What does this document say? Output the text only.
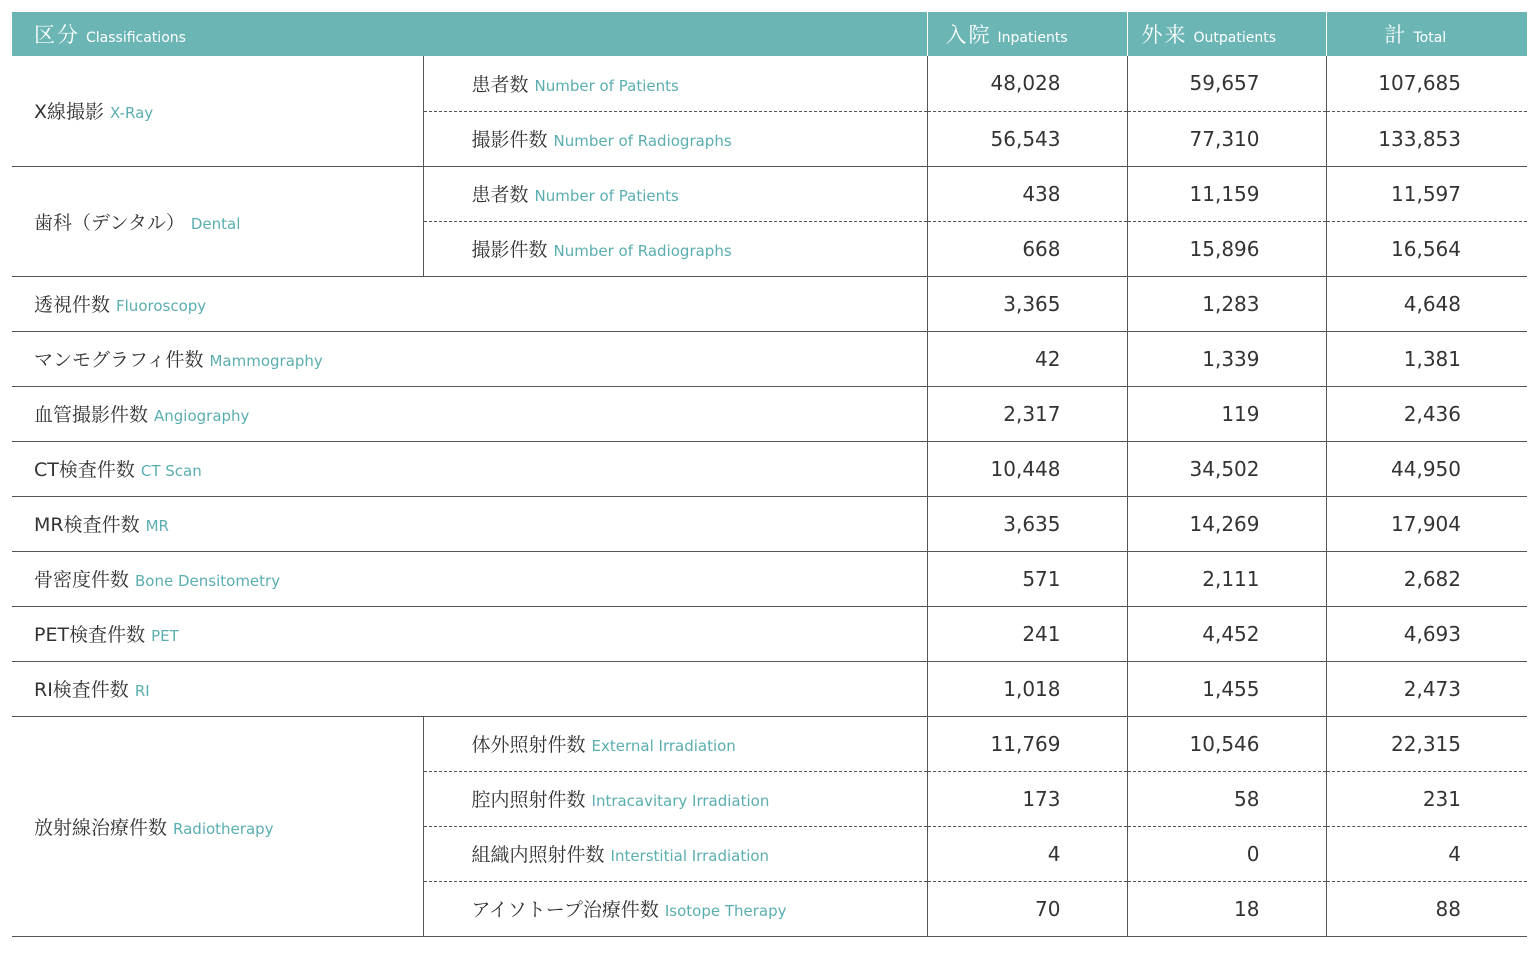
区分 Classifications		入院 Inpatients	外来 Outpatients	計 Total
X線撮影 X-Ray	患者数 Number of Patients	48,028	59,657	107,685
	撮影件数 Number of Radiographs	56,543	77,310	133,853
歯科（デンタル） Dental	患者数 Number of Patients	438	11,159	11,597
	撮影件数 Number of Radiographs	668	15,896	16,564
透視件数 Fluoroscopy		3,365	1,283	4,648
マンモグラフィ件数 Mammography		42	1,339	1,381
血管撮影件数 Angiography		2,317	119	2,436
CT検査件数 CT Scan		10,448	34,502	44,950
MR検査件数 MR		3,635	14,269	17,904
骨密度件数 Bone Densitometry		571	2,111	2,682
PET検査件数 PET		241	4,452	4,693
RI検査件数 RI		1,018	1,455	2,473
放射線治療件数 Radiotherapy	体外照射件数 External Irradiation	11,769	10,546	22,315
	腔内照射件数 Intracavitary Irradiation	173	58	231
	組織内照射件数 Interstitial Irradiation	4	0	4
	アイソトープ治療件数 Isotope Therapy	70	18	88
